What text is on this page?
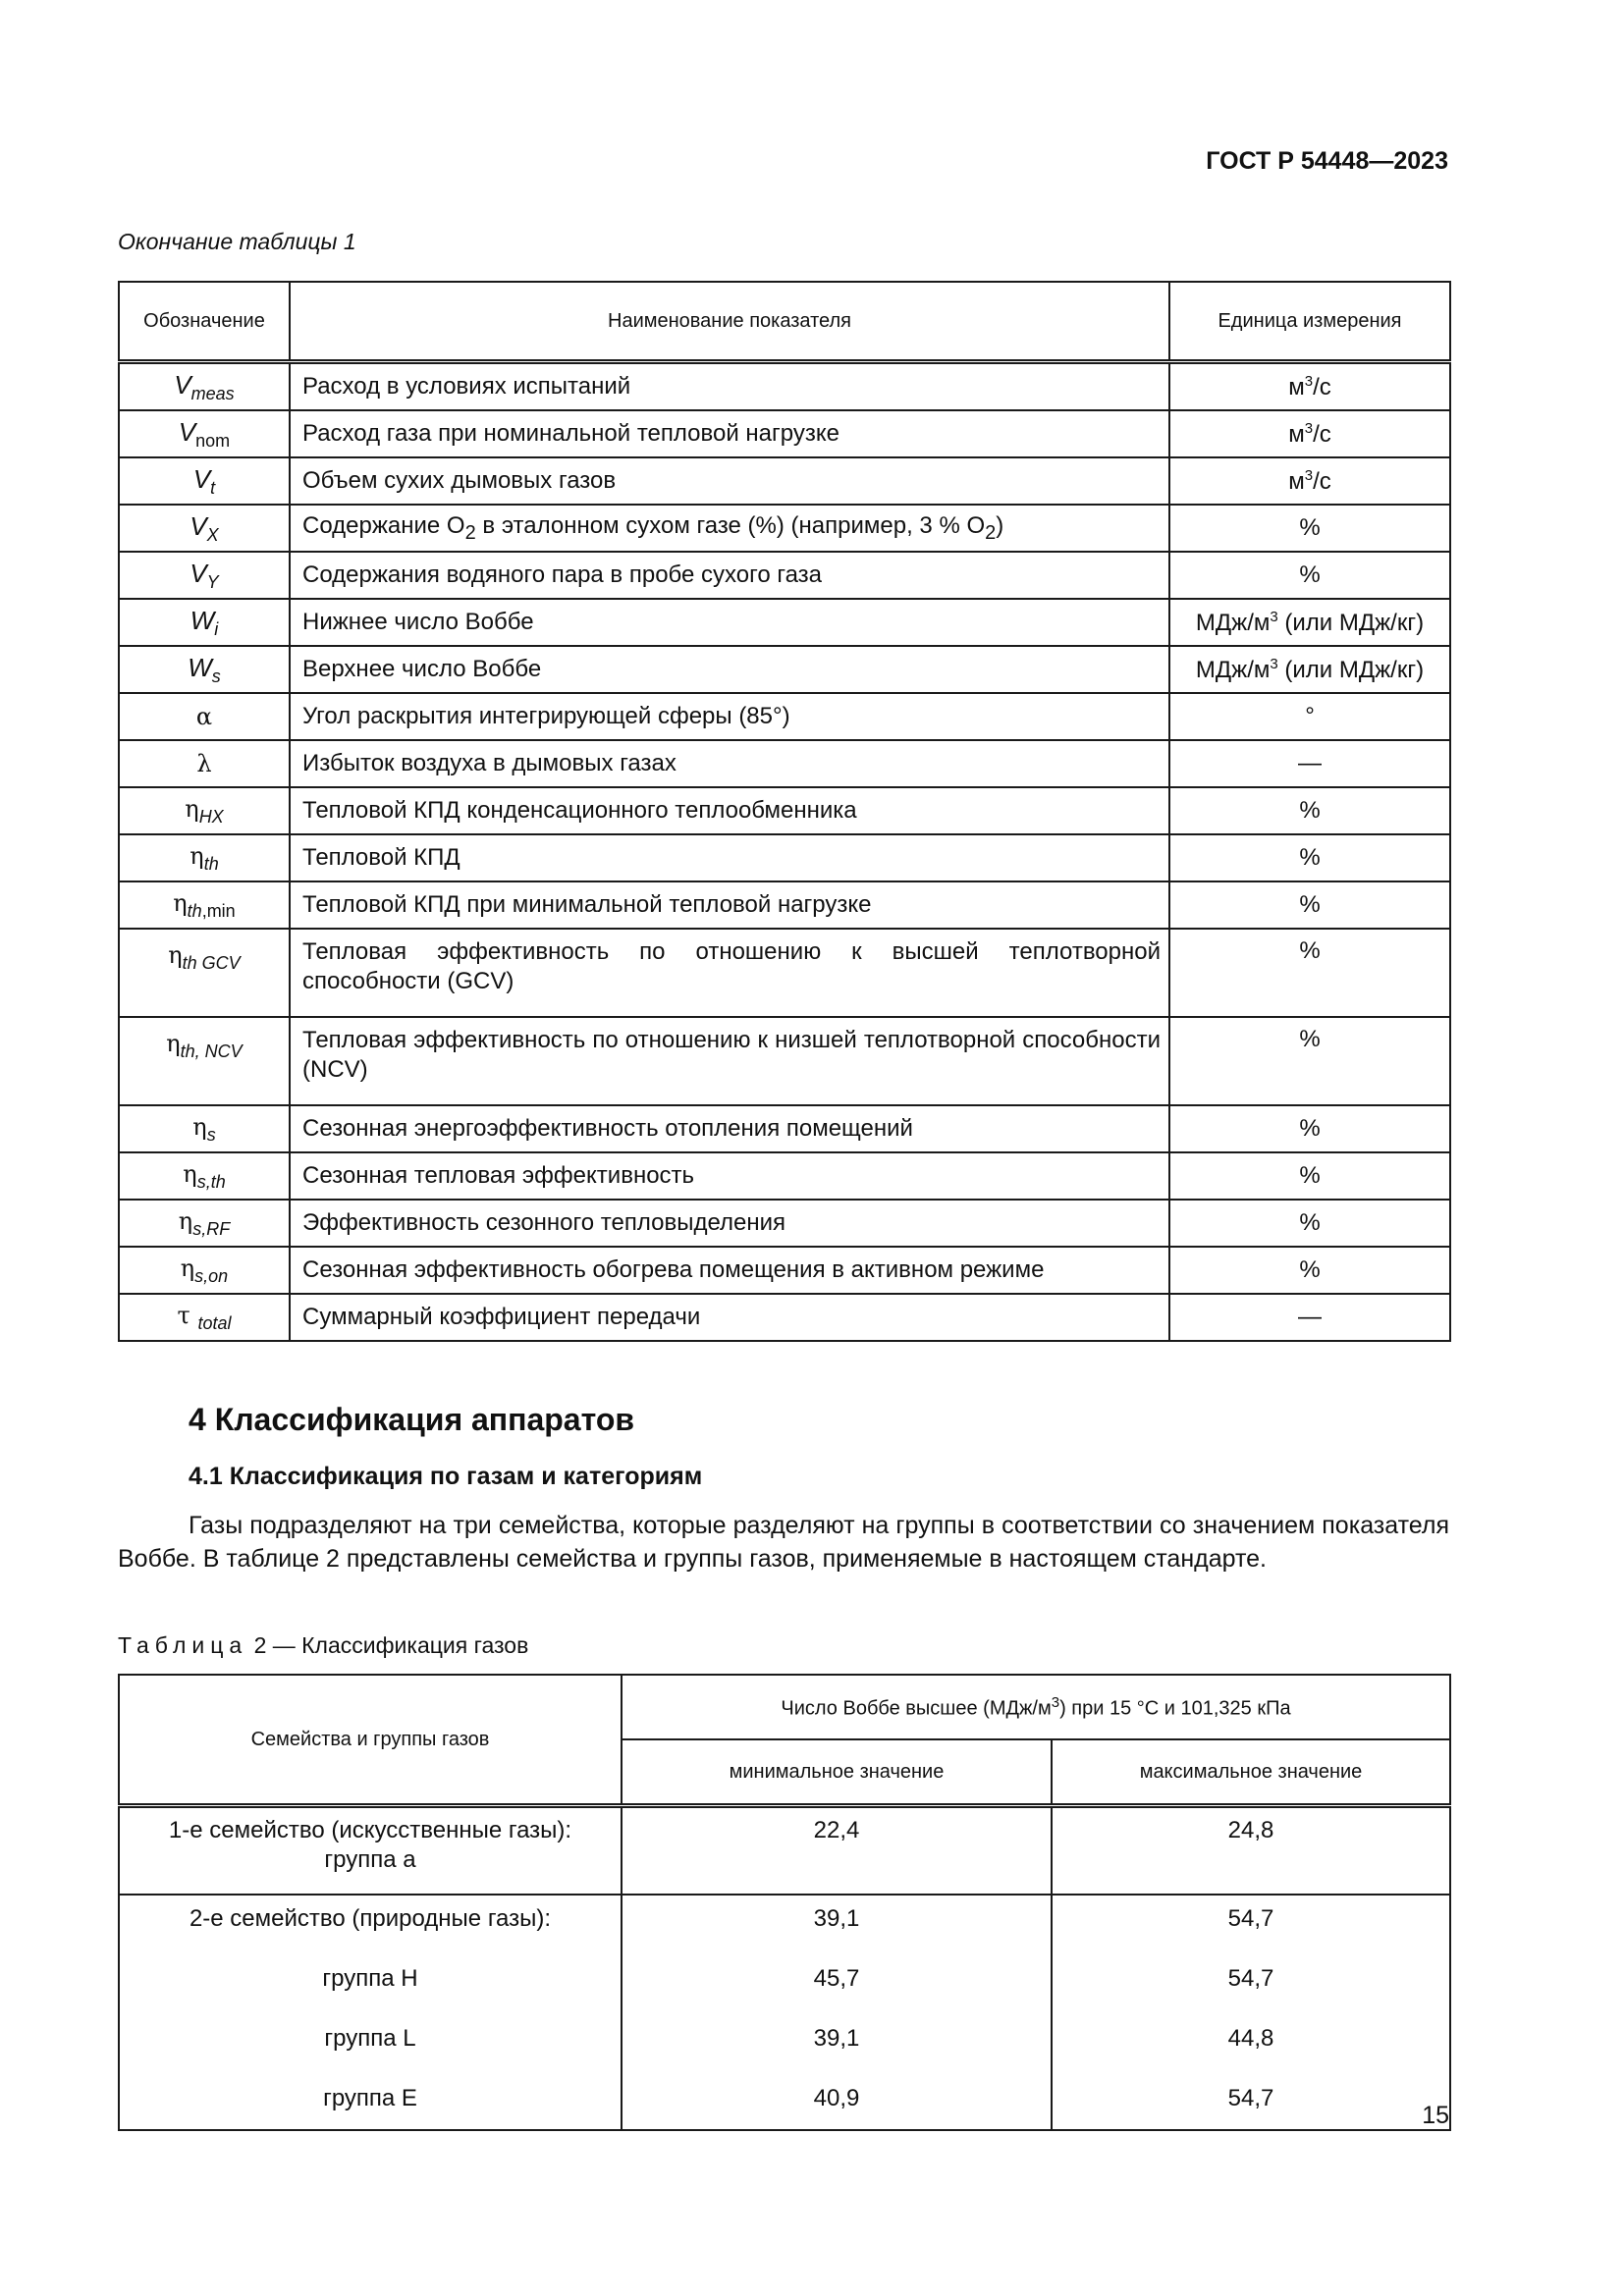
ГОСТ Р 54448—2023
Окончание таблицы 1
Обозначение	Наименование показателя	Единица измерения
$V_{meas}$	Расход в условиях испытаний	$м^3/с$
$V_{nom}$	Расход газа при номинальной тепловой нагрузке	$м^3/с$
$V_t$	Объем сухих дымовых газов	$м^3/с$
$V_X$	Содержание $O_2$ в эталонном сухом газе (%) (например, 3 % $O_2$)	%
$V_Y$	Содержания водяного пара в пробе сухого газа	%
$W_i$	Нижнее число Воббе	МДж/$м^3$ (или МДж/кг)
$W_s$	Верхнее число Воббе	МДж/$м^3$ (или МДж/кг)
α	Угол раскрытия интегрирующей сферы (85°)	°
λ	Избыток воздуха в дымовых газах	—
$\eta_{HX}$	Тепловой КПД конденсационного теплообменника	%
$\eta_{th}$	Тепловой КПД	%
$\eta_{th,min}$	Тепловой КПД при минимальной тепловой нагрузке	%
$\eta_{th GCV}$	Тепловая эффективность по отношению к высшей теплотворной способности (GCV)	%
$\eta_{th, NCV}$	Тепловая эффективность по отношению к низшей теплотворной способности (NCV)	%
$\eta_s$	Сезонная энергоэффективность отопления помещений	%
$\eta_{s,th}$	Сезонная тепловая эффективность	%
$\eta_{s,RF}$	Эффективность сезонного тепловыделения	%
$\eta_{s,on}$	Сезонная эффективность обогрева помещения в активном режиме	%
τ $_{total}$	Суммарный коэффициент передачи	—
4 Классификация аппаратов
4.1 Классификация по газам и категориям
Газы подразделяют на три семейства, которые разделяют на группы в соответствии со значением показателя Воббе. В таблице 2 представлены семейства и группы газов, применяемые в настоящем стандарте.
Таблица 2 — Классификация газов
Семейства и группы газов	Число Воббе высшее $(МДж/м^3)$ при 15 °С и 101,325 кПа	
	минимальное значение	максимальное значение

1-е семейство (искусственные газы):
группа а	22,4	24,8
2-е семейство (природные газы):	39,1	54,7
группа Н	45,7	54,7
группа L	39,1	44,8
группа Е	40,9	54,7
15
